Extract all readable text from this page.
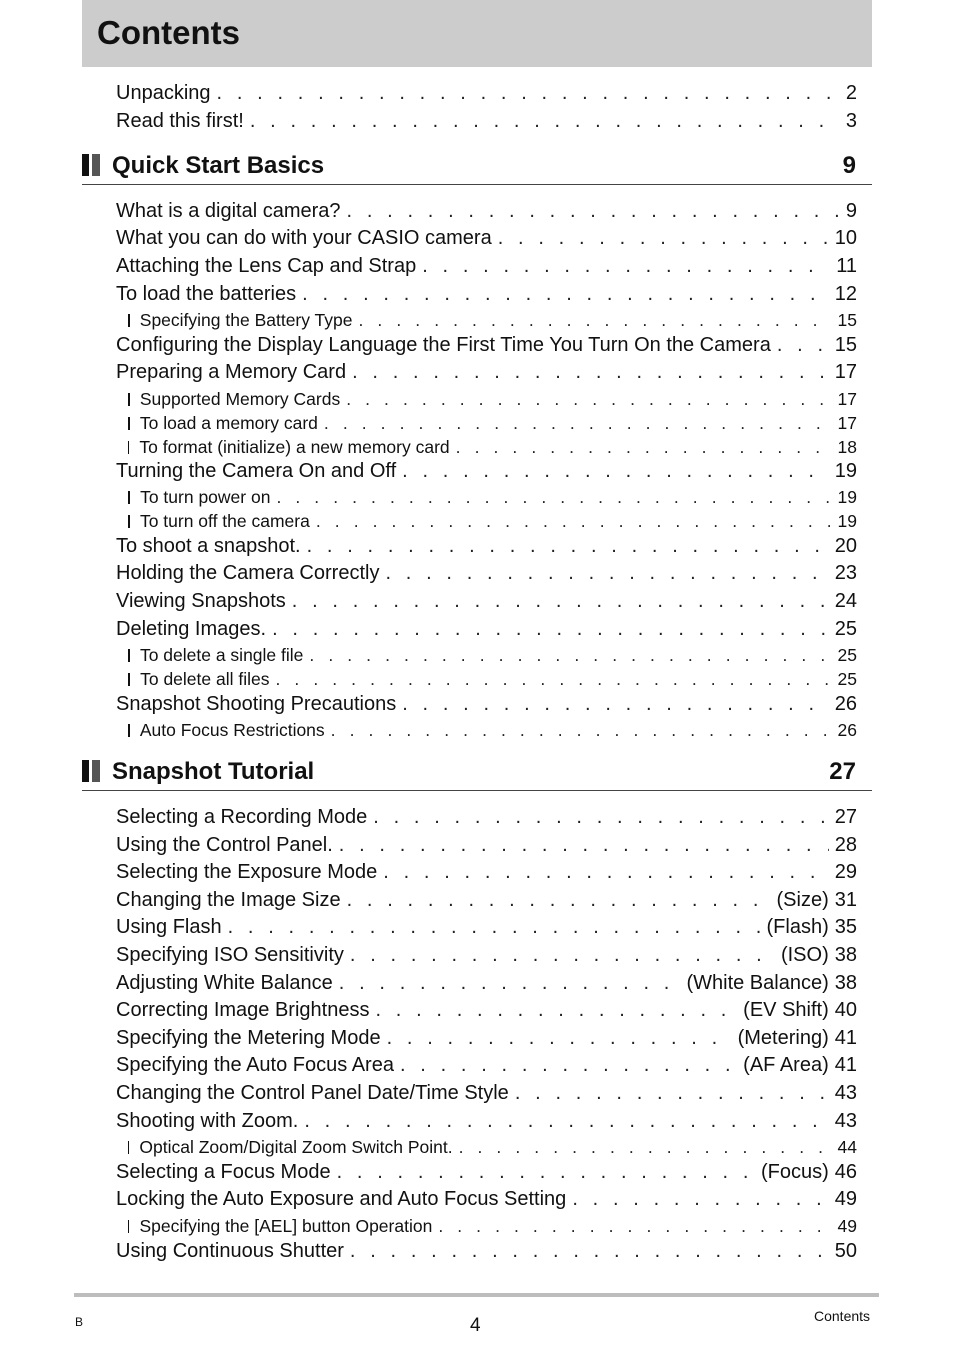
Contents
Unpacking . . .	2
Read this first! . . .	3
Quick Start Basics	9
What is a digital camera? . . .	9
What you can do with your CASIO camera . . .	10
Attaching the Lens Cap and Strap . . .	11
To load the batteries . . .	12
Specifying the Battery Type . . .	15
Configuring the Display Language the First Time You Turn On the Camera . . .	15
Preparing a Memory Card . . .	17
Supported Memory Cards . . .	17
To load a memory card . . .	17
To format (initialize) a new memory card . . .	18
Turning the Camera On and Off . . .	19
To turn power on . . .	19
To turn off the camera . . .	19
To shoot a snapshot. . . .	20
Holding the Camera Correctly . . .	23
Viewing Snapshots . . .	24
Deleting Images. . . .	25
To delete a single file . . .	25
To delete all files . . .	25
Snapshot Shooting Precautions . . .	26
Auto Focus Restrictions . . .	26
Snapshot Tutorial	27
Selecting a Recording Mode . . .	27
Using the Control Panel. . . .	28
Selecting the Exposure Mode . . .	29
Changing the Image Size . . .	(Size) 31
Using Flash . . .	(Flash) 35
Specifying ISO Sensitivity . . .	(ISO) 38
Adjusting White Balance . . .	(White Balance) 38
Correcting Image Brightness . . .	(EV Shift) 40
Specifying the Metering Mode . . .	(Metering) 41
Specifying the Auto Focus Area . . .	(AF Area) 41
Changing the Control Panel Date/Time Style . . .	43
Shooting with Zoom. . . .	43
Optical Zoom/Digital Zoom Switch Point. . . .	44
Selecting a Focus Mode . . .	(Focus) 46
Locking the Auto Exposure and Auto Focus Setting . . .	49
Specifying the [AEL] button Operation . . .	49
Using Continuous Shutter . . .	50
B	4	Contents
